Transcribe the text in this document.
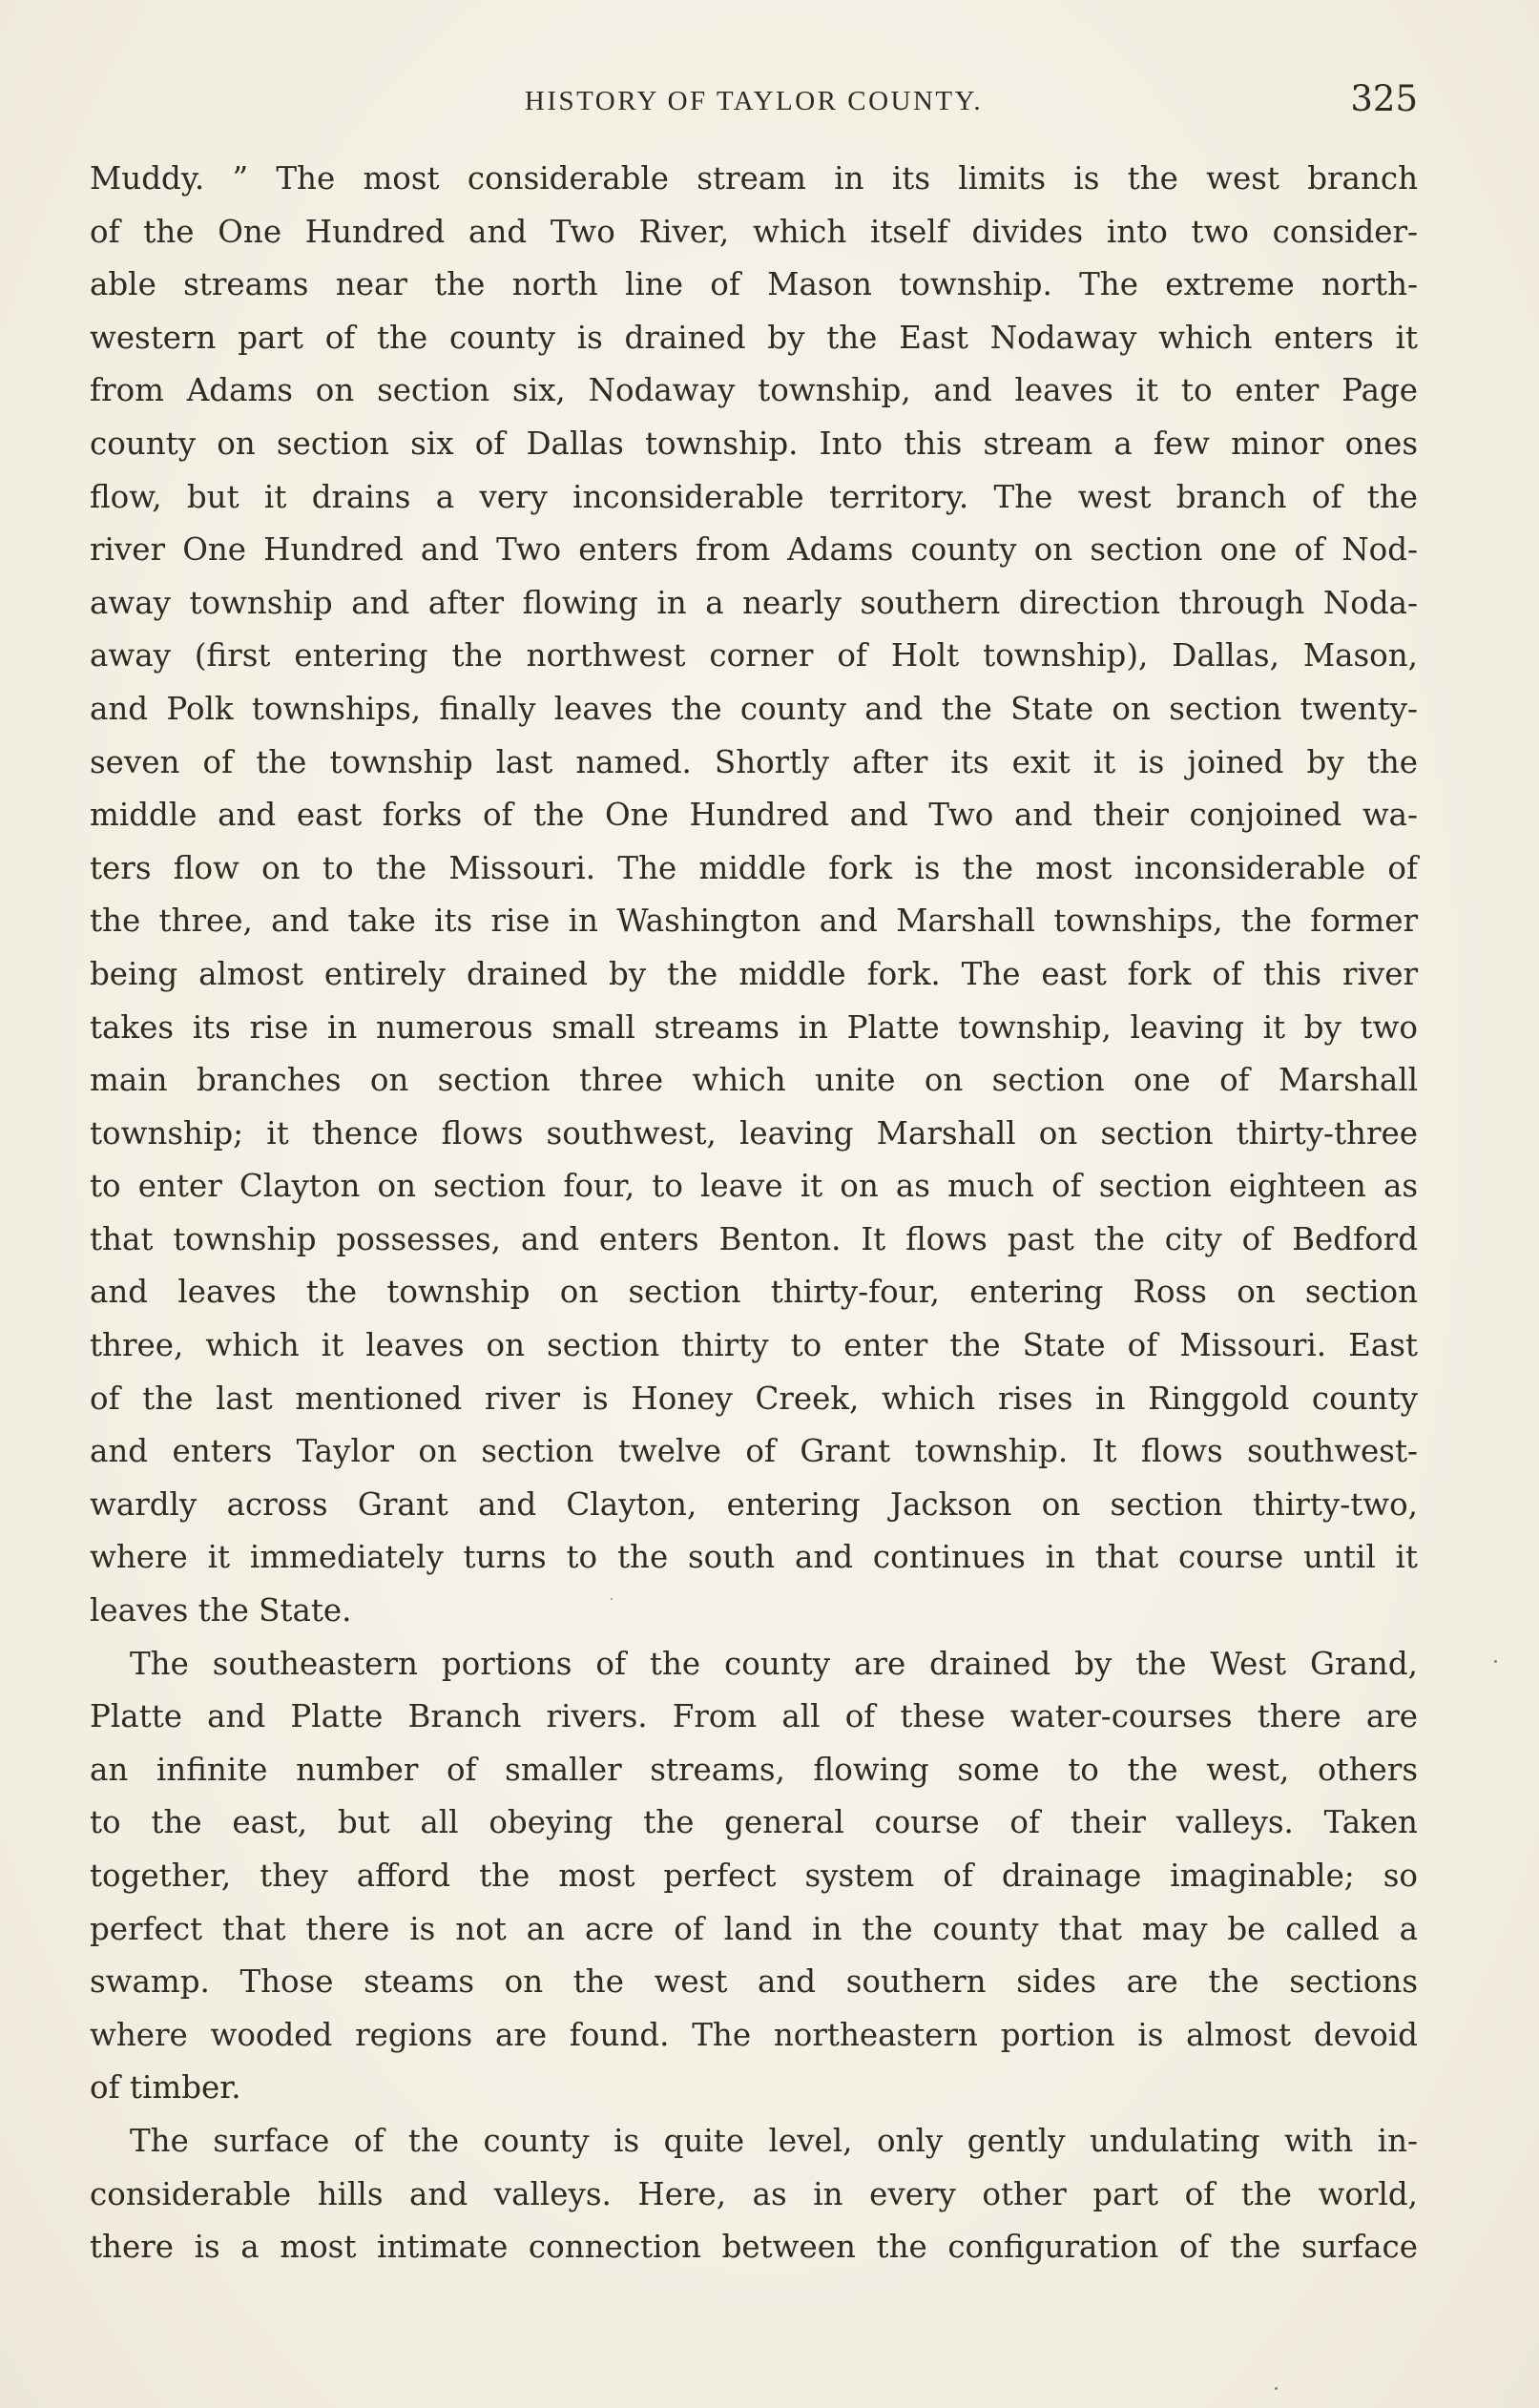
HISTORY OF TAYLOR COUNTY.	325
Muddy. ” The most considerable stream in its limits is the west branch
of the One Hundred and Two River, which itself divides into two consider-
able streams near the north line of Mason township. The extreme north-
western part of the county is drained by the East Nodaway which enters it
from Adams on section six, Nodaway township, and leaves it to enter Page
county on section six of Dallas township. Into this stream a few minor ones
flow, but it drains a very inconsiderable territory. The west branch of the
river One Hundred and Two enters from Adams county on section one of Nod-
away township and after flowing in a nearly southern direction through Noda-
away (first entering the northwest corner of Holt township), Dallas, Mason,
and Polk townships, finally leaves the county and the State on section twenty-
seven of the township last named. Shortly after its exit it is joined by the
middle and east forks of the One Hundred and Two and their conjoined wa-
ters flow on to the Missouri. The middle fork is the most inconsiderable of
the three, and take its rise in Washington and Marshall townships, the former
being almost entirely drained by the middle fork. The east fork of this river
takes its rise in numerous small streams in Platte township, leaving it by two
main branches on section three which unite on section one of Marshall
township; it thence flows southwest, leaving Marshall on section thirty-three
to enter Clayton on section four, to leave it on as much of section eighteen as
that township possesses, and enters Benton. It flows past the city of Bedford
and leaves the township on section thirty-four, entering Ross on section
three, which it leaves on section thirty to enter the State of Missouri. East
of the last mentioned river is Honey Creek, which rises in Ringgold county
and enters Taylor on section twelve of Grant township. It flows southwest-
wardly across Grant and Clayton, entering Jackson on section thirty-two,
where it immediately turns to the south and continues in that course until it
leaves the State.
The southeastern portions of the county are drained by the West Grand,
Platte and Platte Branch rivers. From all of these water-courses there are
an infinite number of smaller streams, flowing some to the west, others
to the east, but all obeying the general course of their valleys. Taken
together, they afford the most perfect system of drainage imaginable; so
perfect that there is not an acre of land in the county that may be called a
swamp. Those steams on the west and southern sides are the sections
where wooded regions are found. The northeastern portion is almost devoid
of timber.
The surface of the county is quite level, only gently undulating with in-
considerable hills and valleys. Here, as in every other part of the world,
there is a most intimate connection between the configuration of the surface
